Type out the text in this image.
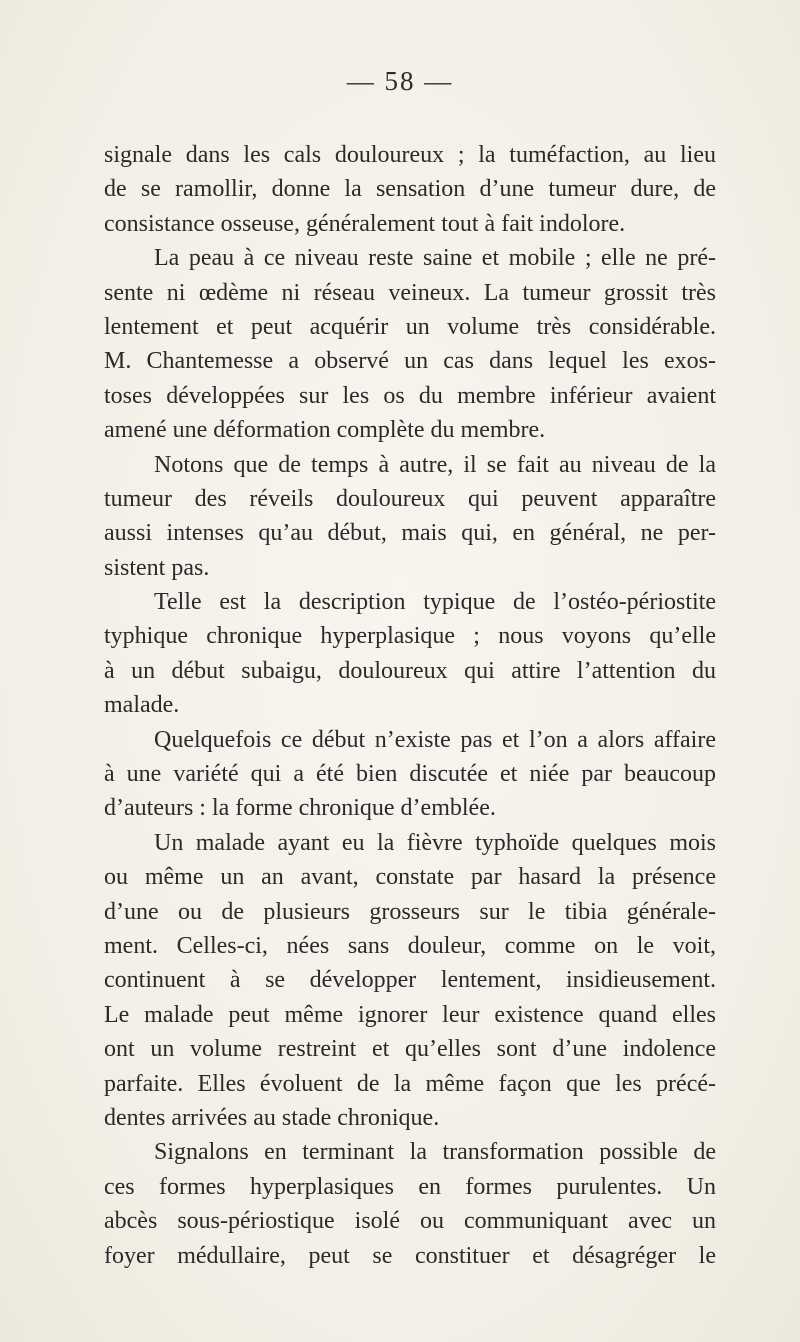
— 58 —
signale dans les cals douloureux ; la tuméfaction, au lieu
de se ramollir, donne la sensation d’une tumeur dure, de
consistance osseuse, généralement tout à fait indolore.
La peau à ce niveau reste saine et mobile ; elle ne pré-
sente ni œdème ni réseau veineux. La tumeur grossit très
lentement et peut acquérir un volume très considérable.
M. Chantemesse a observé un cas dans lequel les exos-
toses développées sur les os du membre inférieur avaient
amené une déformation complète du membre.
Notons que de temps à autre, il se fait au niveau de la
tumeur des réveils douloureux qui peuvent apparaître
aussi intenses qu’au début, mais qui, en général, ne per-
sistent pas.
Telle est la description typique de l’ostéo-périostite
typhique chronique hyperplasique ; nous voyons qu’elle
à un début subaigu, douloureux qui attire l’attention du
malade.
Quelquefois ce début n’existe pas et l’on a alors affaire
à une variété qui a été bien discutée et niée par beaucoup
d’auteurs : la forme chronique d’emblée.
Un malade ayant eu la fièvre typhoïde quelques mois
ou même un an avant, constate par hasard la présence
d’une ou de plusieurs grosseurs sur le tibia générale-
ment. Celles-ci, nées sans douleur, comme on le voit,
continuent à se développer lentement, insidieusement.
Le malade peut même ignorer leur existence quand elles
ont un volume restreint et qu’elles sont d’une indolence
parfaite. Elles évoluent de la même façon que les précé-
dentes arrivées au stade chronique.
Signalons en terminant la transformation possible de
ces formes hyperplasiques en formes purulentes. Un
abcès sous-périostique isolé ou communiquant avec un
foyer médullaire, peut se constituer et désagréger le
